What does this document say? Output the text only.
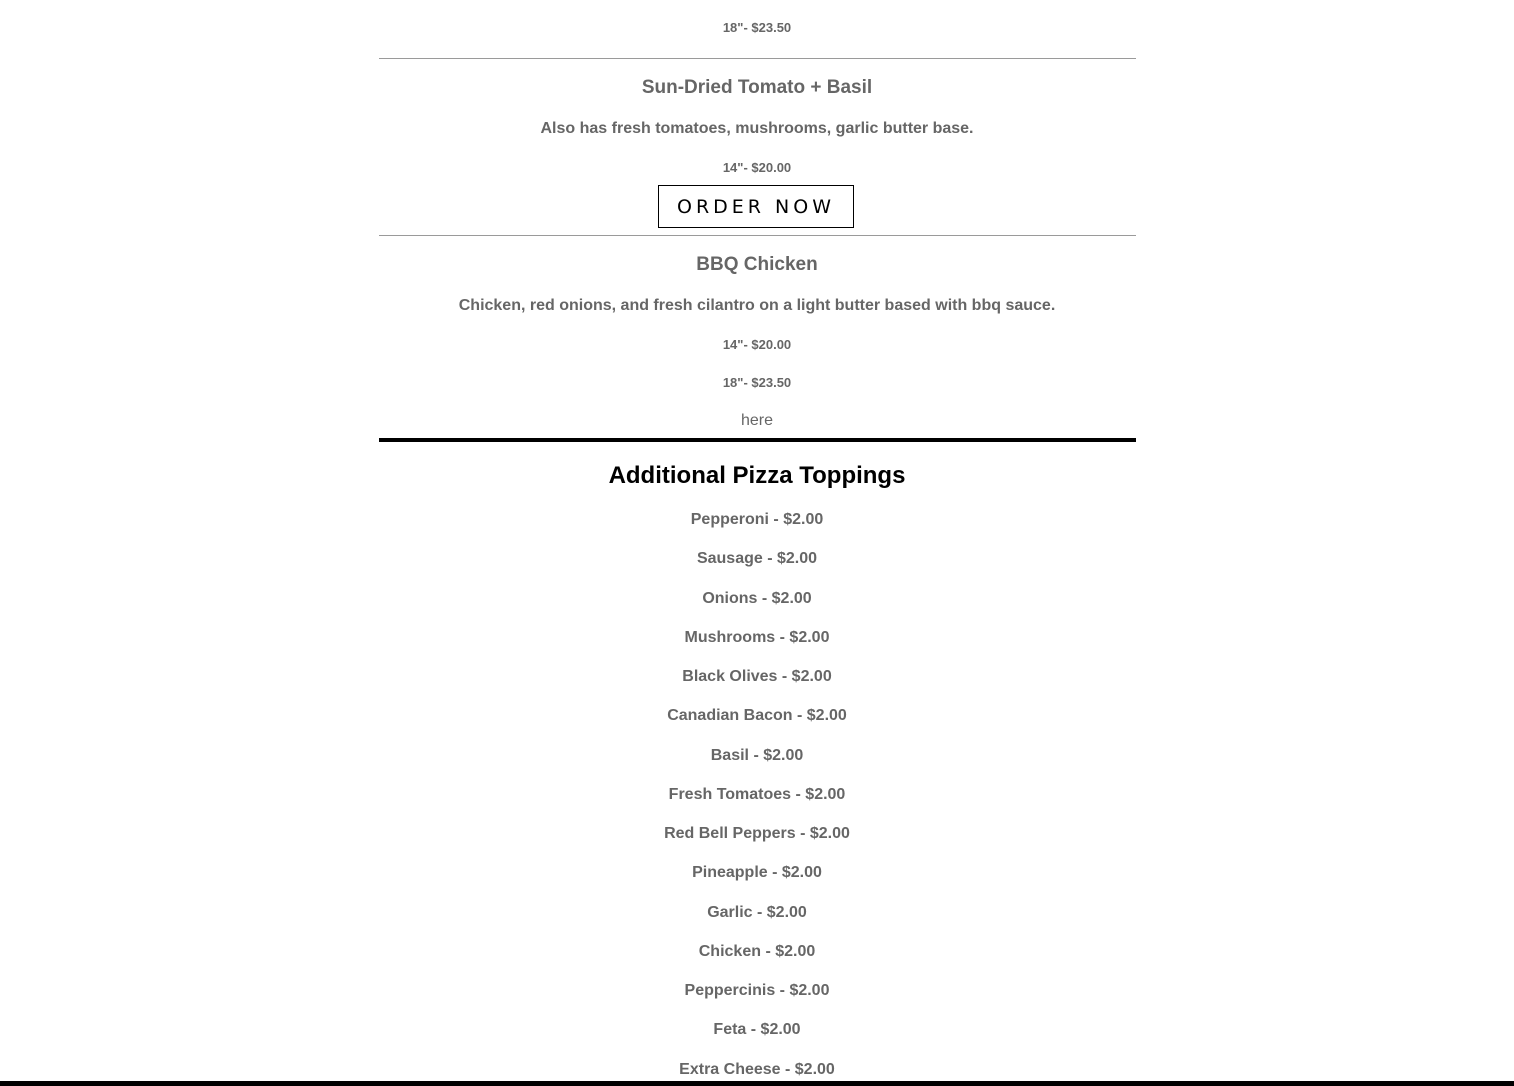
18"- $23.50
Sun-Dried Tomato + Basil
Also has fresh tomatoes, mushrooms, garlic butter base.
14"- $20.00
ORDER NOW
BBQ Chicken
Chicken, red onions, and fresh cilantro on a light butter based with bbq sauce.
14"- $20.00
18"- $23.50
here
Additional Pizza Toppings
Pepperoni - $2.00
Sausage - $2.00
Onions - $2.00
Mushrooms - $2.00
Black Olives - $2.00
Canadian Bacon - $2.00
Basil - $2.00
Fresh Tomatoes - $2.00
Red Bell Peppers - $2.00
Pineapple - $2.00
Garlic - $2.00
Chicken - $2.00
Peppercinis - $2.00
Feta - $2.00
Extra Cheese - $2.00
